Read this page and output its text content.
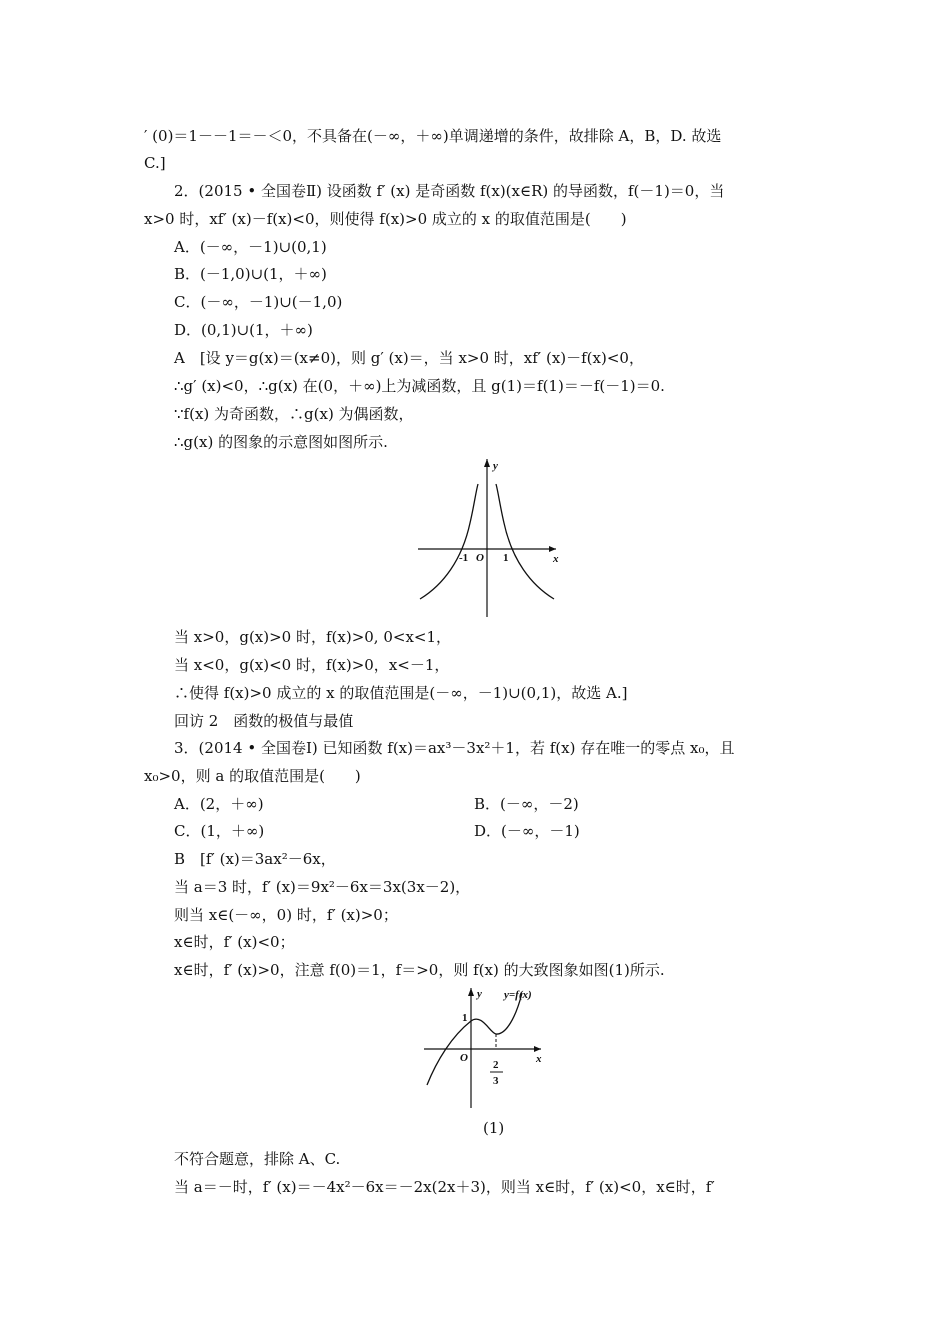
′ (0)＝1－－1＝－＜0，不具备在(－∞，＋∞)单调递增的条件，故排除 A，B，D. 故选
C.]
2．(2015 • 全国卷Ⅱ) 设函数 f′ (x) 是奇函数 f(x)(x∈R) 的导函数，f(－1)＝0，当
x>0 时，xf′ (x)－f(x)<0，则使得 f(x)>0 成立的 x 的取值范围是(　　)
A．(－∞，－1)∪(0,1)
B．(－1,0)∪(1，＋∞)
C．(－∞，－1)∪(－1,0)
D．(0,1)∪(1，＋∞)
A　[设 y＝g(x)＝(x≠0)，则 g′ (x)＝，当 x>0 时，xf′ (x)－f(x)<0，
∴g′ (x)<0，∴g(x) 在(0，＋∞)上为减函数，且 g(1)＝f(1)＝－f(－1)＝0.
∵f(x) 为奇函数，∴g(x) 为偶函数，
∴g(x) 的图象的示意图如图所示.
y
x
O
-1	1
当 x>0，g(x)>0 时，f(x)>0, 0<x<1，
当 x<0，g(x)<0 时，f(x)>0，x<－1，
∴使得 f(x)>0 成立的 x 的取值范围是(－∞，－1)∪(0,1)，故选 A.]
回访 2　函数的极值与最值
3．(2014 • 全国卷Ⅰ) 已知函数 f(x)＝ax³－3x²＋1，若 f(x) 存在唯一的零点 x₀，且
x₀>0，则 a 的取值范围是(　　)
A．(2，＋∞)	B．(－∞，－2)
C．(1，＋∞)	D．(－∞，－1)
B　[f′ (x)＝3ax²－6x，
当 a＝3 时，f′ (x)＝9x²－6x＝3x(3x－2)，
则当 x∈(－∞，0) 时，f′ (x)>0；
x∈时，f′ (x)<0；
x∈时，f′ (x)>0，注意 f(0)＝1，f＝>0，则 f(x) 的大致图象如图(1)所示.
y
x
O
1
y=f(x)
2
3
(1)
不符合题意，排除 A、C.
当 a＝－时，f′ (x)＝－4x²－6x＝－2x(2x＋3)，则当 x∈时，f′ (x)<0，x∈时，f′
